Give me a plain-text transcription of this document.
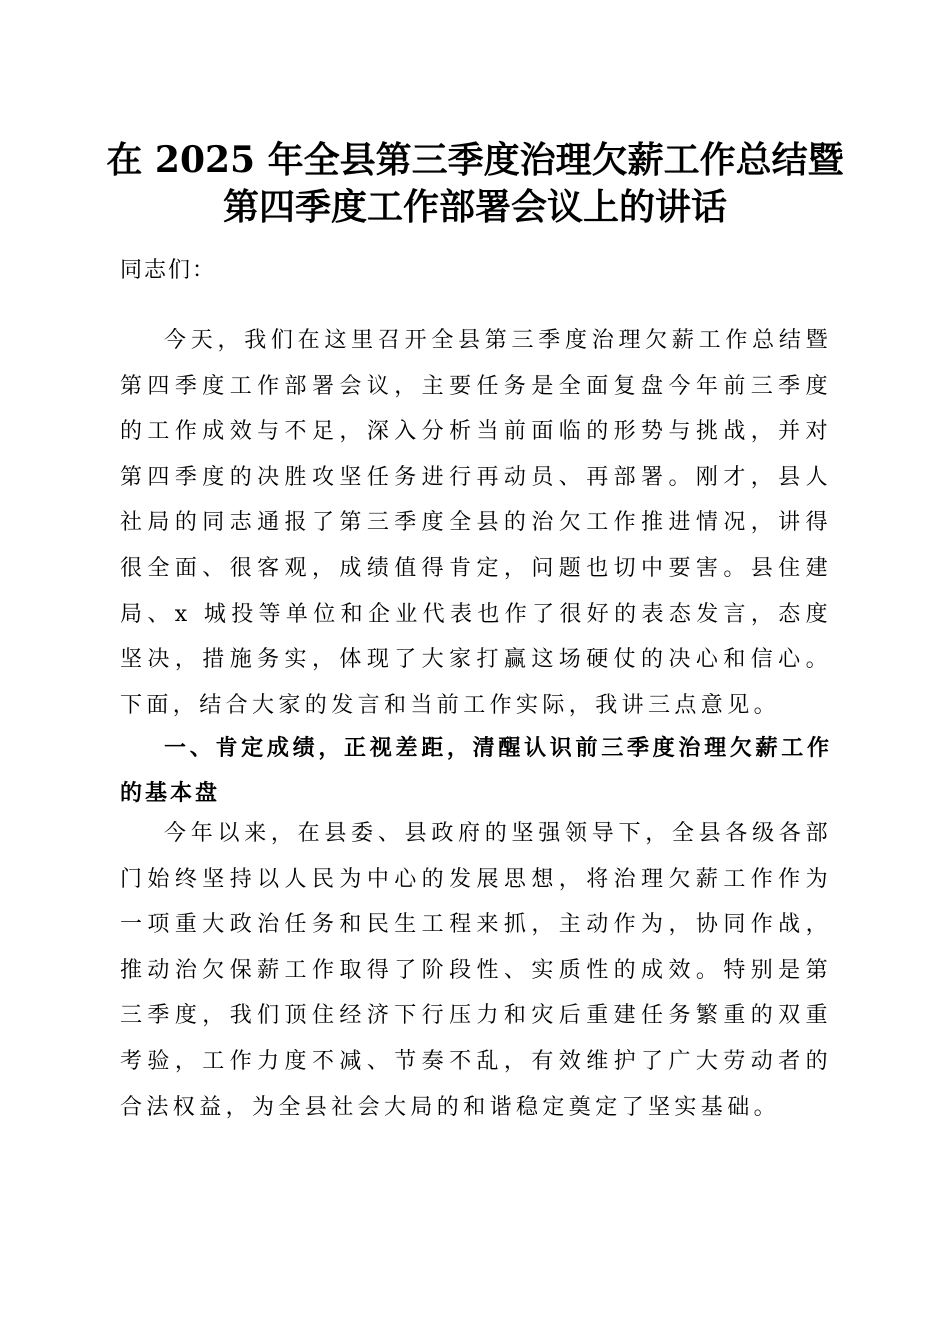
在 2025 年全县第三季度治理欠薪工作总结暨
第四季度工作部署会议上的讲话
同志们：

今天，我们在这里召开全县第三季度治理欠薪工作总结暨第四季度工作部署会议，主要任务是全面复盘今年前三季度的工作成效与不足，深入分析当前面临的形势与挑战，并对第四季度的决胜攻坚任务进行再动员、再部署。刚才，县人社局的同志通报了第三季度全县的治欠工作推进情况，讲得很全面、很客观，成绩值得肯定，问题也切中要害。县住建局、x 城投等单位和企业代表也作了很好的表态发言，态度坚决，措施务实，体现了大家打赢这场硬仗的决心和信心。下面，结合大家的发言和当前工作实际，我讲三点意见。

一、肯定成绩，正视差距，清醒认识前三季度治理欠薪工作的基本盘

今年以来，在县委、县政府的坚强领导下，全县各级各部门始终坚持以人民为中心的发展思想，将治理欠薪工作作为一项重大政治任务和民生工程来抓，主动作为，协同作战，推动治欠保薪工作取得了阶段性、实质性的成效。特别是第三季度，我们顶住经济下行压力和灾后重建任务繁重的双重考验，工作力度不减、节奏不乱，有效维护了广大劳动者的合法权益，为全县社会大局的和谐稳定奠定了坚实基础。
